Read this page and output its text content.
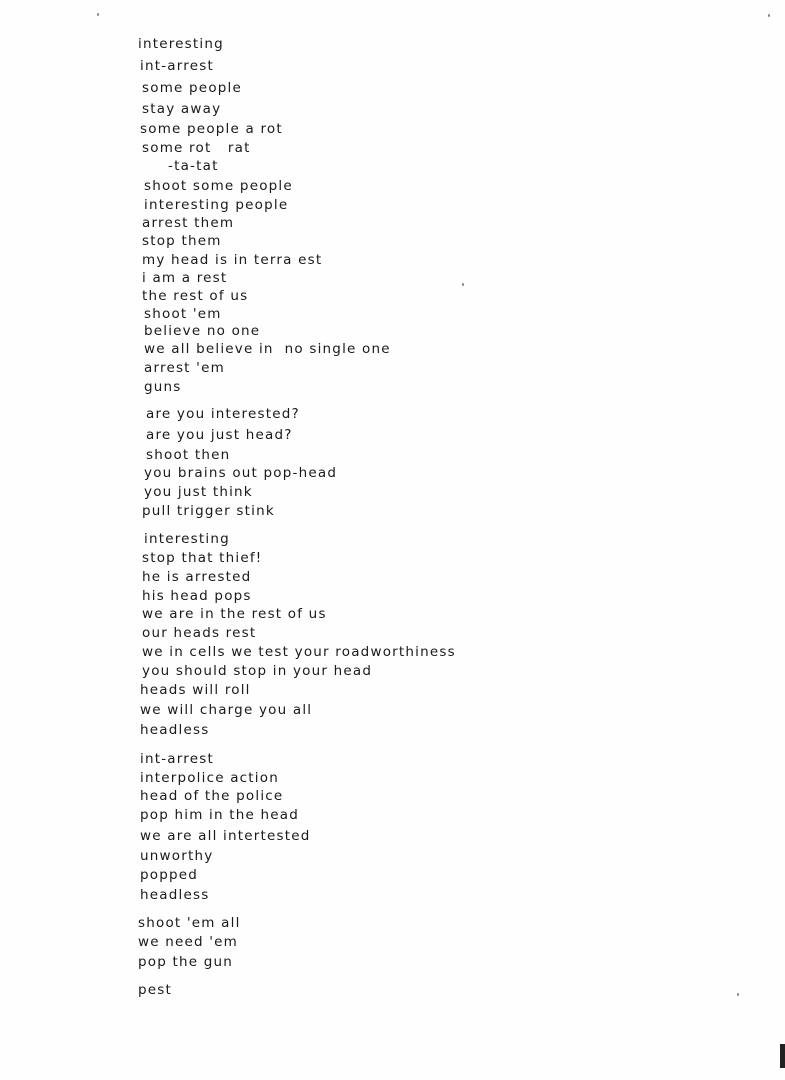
interesting
int-arrest
some people
stay away
some people a rot
some rot   rat
-ta-tat
shoot some people
interesting people
arrest them
stop them
my head is in terra est
i am a rest
the rest of us
shoot 'em
believe no one
we all believe in  no single one
arrest 'em
guns
are you interested?
are you just head?
shoot then
you brains out pop-head
you just think
pull trigger stink
interesting
stop that thief!
he is arrested
his head pops
we are in the rest of us
our heads rest
we in cells we test your roadworthiness
you should stop in your head
heads will roll
we will charge you all
headless
int-arrest
interpolice action
head of the police
pop him in the head
we are all intertested
unworthy
popped
headless
shoot 'em all
we need 'em
pop the gun
pest
